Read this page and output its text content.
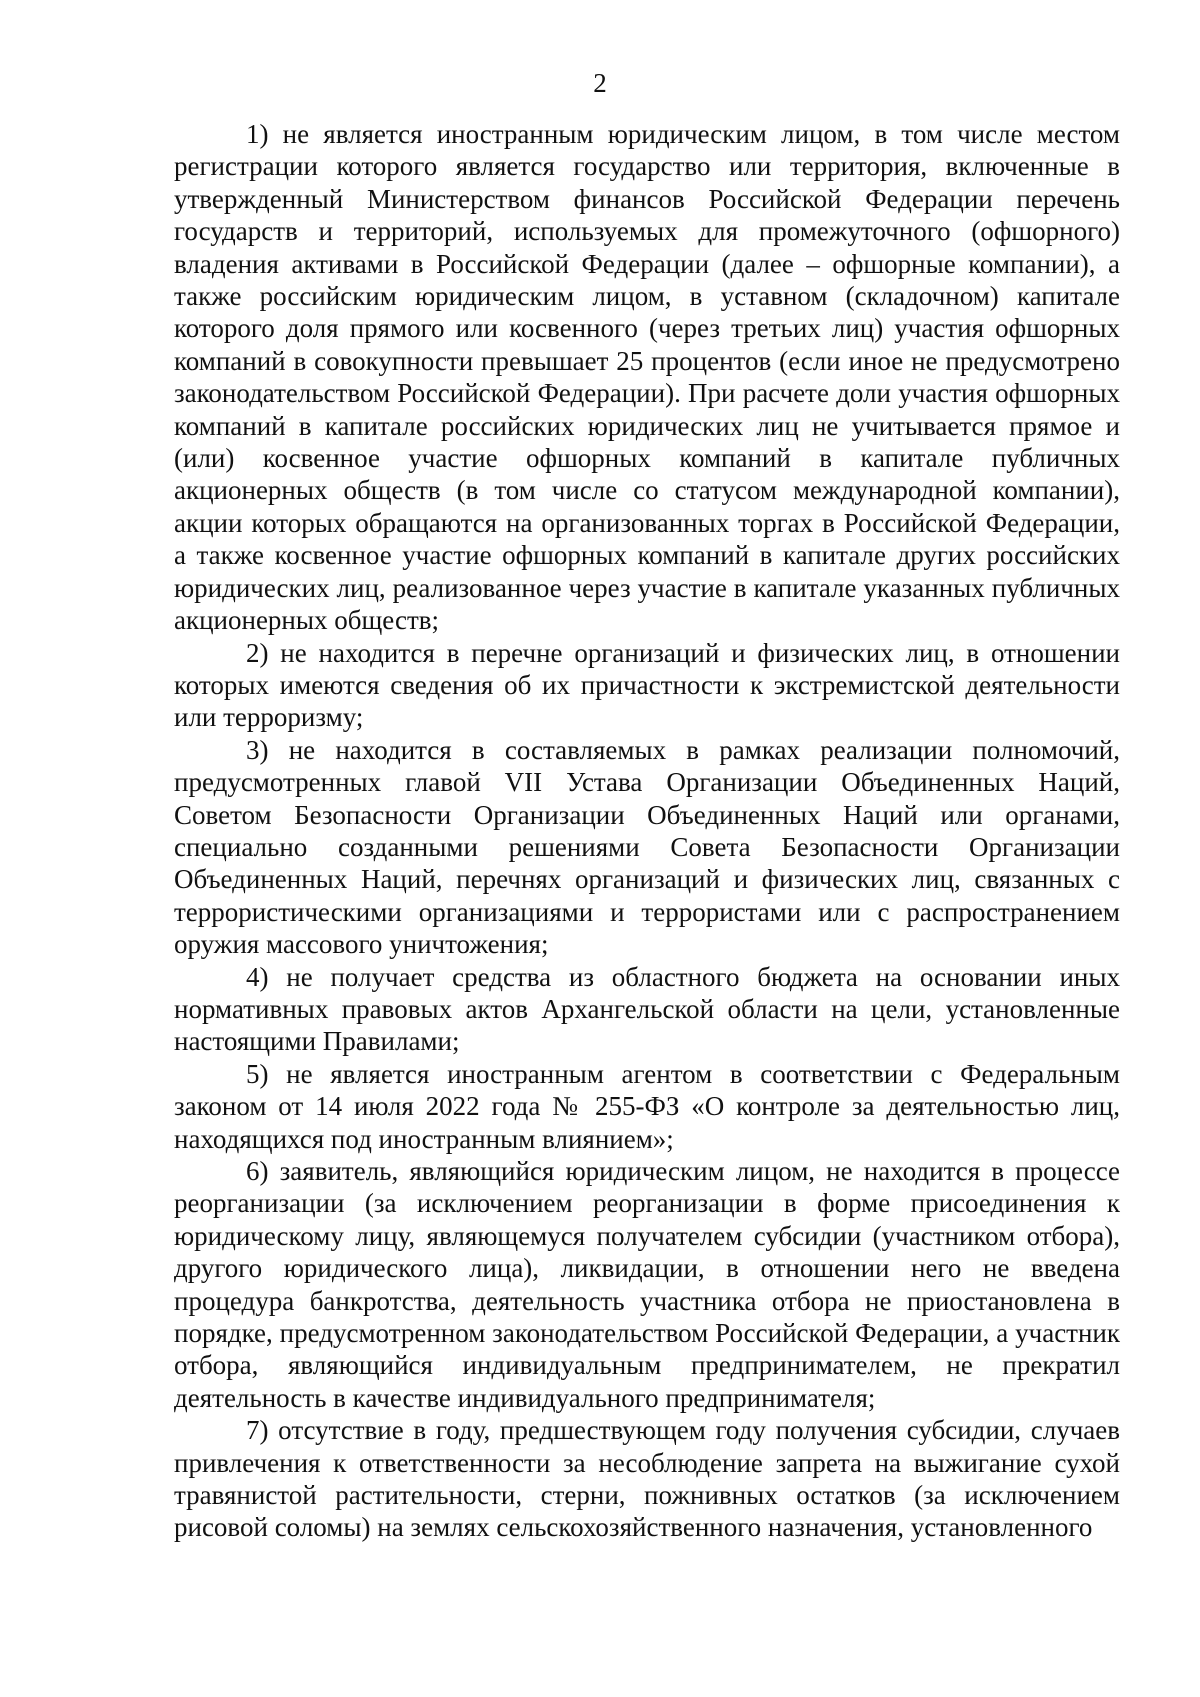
2

1) не является иностранным юридическим лицом, в том числе местом регистрации которого является государство или территория, включенные в утвержденный Министерством финансов Российской Федерации перечень государств и территорий, используемых для промежуточного (офшорного) владения активами в Российской Федерации (далее – офшорные компании), а также российским юридическим лицом, в уставном (складочном) капитале которого доля прямого или косвенного (через третьих лиц) участия офшорных компаний в совокупности превышает 25 процентов (если иное не предусмотрено законодательством Российской Федерации). При расчете доли участия офшорных компаний в капитале российских юридических лиц не учитывается прямое и (или) косвенное участие офшорных компаний в капитале публичных акционерных обществ (в том числе со статусом международной компании), акции которых обращаются на организованных торгах в Российской Федерации, а также косвенное участие офшорных компаний в капитале других российских юридических лиц, реализованное через участие в капитале указанных публичных акционерных обществ;

2) не находится в перечне организаций и физических лиц, в отношении которых имеются сведения об их причастности к экстремистской деятельности или терроризму;

3) не находится в составляемых в рамках реализации полномочий, предусмотренных главой VII Устава Организации Объединенных Наций, Советом Безопасности Организации Объединенных Наций или органами, специально созданными решениями Совета Безопасности Организации Объединенных Наций, перечнях организаций и физических лиц, связанных с террористическими организациями и террористами или с распространением оружия массового уничтожения;

4) не получает средства из областного бюджета на основании иных нормативных правовых актов Архангельской области на цели, установленные настоящими Правилами;

5) не является иностранным агентом в соответствии с Федеральным законом от 14 июля 2022 года № 255-ФЗ «О контроле за деятельностью лиц, находящихся под иностранным влиянием»;

6) заявитель, являющийся юридическим лицом, не находится в процессе реорганизации (за исключением реорганизации в форме присоединения к юридическому лицу, являющемуся получателем субсидии (участником отбора), другого юридического лица), ликвидации, в отношении него не введена процедура банкротства, деятельность участника отбора не приостановлена в порядке, предусмотренном законодательством Российской Федерации, а участник отбора, являющийся индивидуальным предпринимателем, не прекратил деятельность в качестве индивидуального предпринимателя;

7) отсутствие в году, предшествующем году получения субсидии, случаев привлечения к ответственности за несоблюдение запрета на выжигание сухой травянистой растительности, стерни, пожнивных остатков (за исключением рисовой соломы) на землях сельскохозяйственного назначения, установленного
